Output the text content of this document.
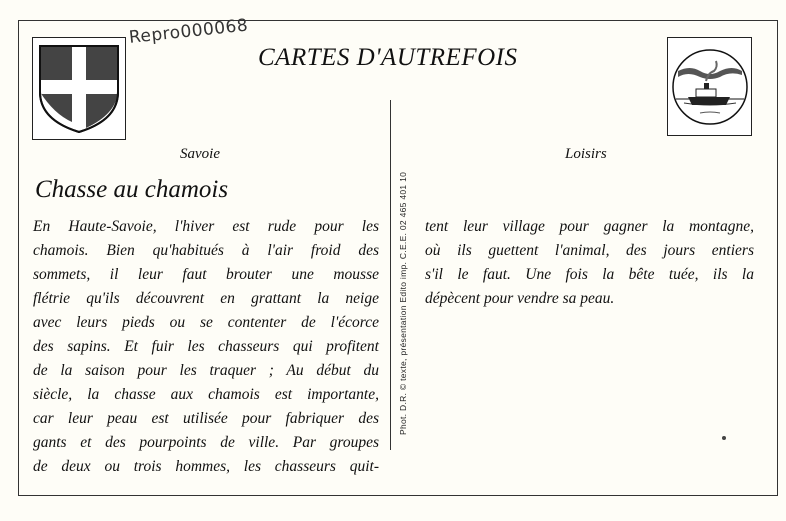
Repro000068
CARTES D'AUTREFOIS
Savoie	Loisirs
Chasse au chamois
En Haute-Savoie, l'hiver est rude pour les
chamois. Bien qu'habitués à l'air froid des
sommets, il leur faut brouter une mousse
flétrie qu'ils découvrent en grattant la neige
avec leurs pieds ou se contenter de l'écorce
des sapins. Et fuir les chasseurs qui profitent
de la saison pour les traquer ; Au début du
siècle, la chasse aux chamois est importante,
car leur peau est utilisée pour fabriquer des
gants et des pourpoints de ville. Par groupes
de deux ou trois hommes, les chasseurs quit-
Phot. D.R. © texte, présentation Edito imp. C.E.E. 02 465 401 10 tent leur village pour gagner la montagne,
où ils guettent l'animal, des jours entiers
s'il le faut. Une fois la bête tuée, ils la
dépècent pour vendre sa peau.
